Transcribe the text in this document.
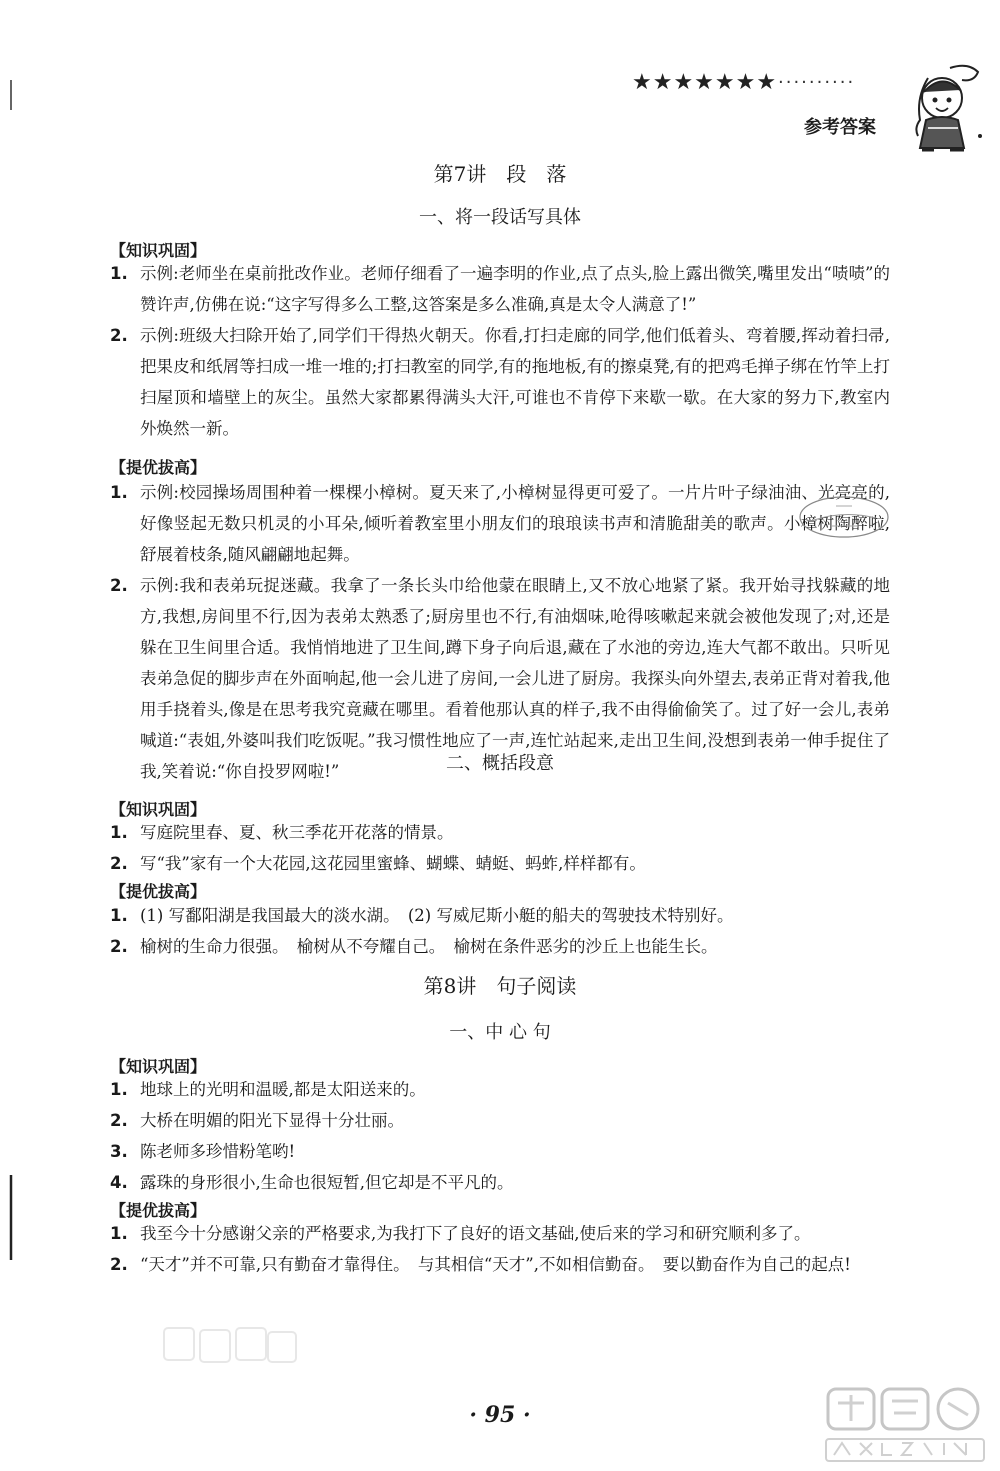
★★★★★★★ ··········
参考答案
第7讲　段　落
一、将一段话写具体
【知识巩固】
1. 示例:老师坐在桌前批改作业。老师仔细看了一遍李明的作业,点了点头,脸上露出微笑,嘴里发出“啧啧”的赞许声,仿佛在说:“这字写得多么工整,这答案是多么准确,真是太令人满意了!”
2. 示例:班级大扫除开始了,同学们干得热火朝天。你看,打扫走廊的同学,他们低着头、弯着腰,挥动着扫帚,把果皮和纸屑等扫成一堆一堆的;打扫教室的同学,有的拖地板,有的擦桌凳,有的把鸡毛掸子绑在竹竿上打扫屋顶和墙壁上的灰尘。虽然大家都累得满头大汗,可谁也不肯停下来歇一歇。在大家的努力下,教室内外焕然一新。
【提优拔高】
1. 示例:校园操场周围种着一棵棵小樟树。夏天来了,小樟树显得更可爱了。一片片叶子绿油油、光亮亮的,好像竖起无数只机灵的小耳朵,倾听着教室里小朋友们的琅琅读书声和清脆甜美的歌声。小樟树陶醉啦,舒展着枝条,随风翩翩地起舞。
2. 示例:我和表弟玩捉迷藏。我拿了一条长头巾给他蒙在眼睛上,又不放心地紧了紧。我开始寻找躲藏的地方,我想,房间里不行,因为表弟太熟悉了;厨房里也不行,有油烟味,呛得咳嗽起来就会被他发现了;对,还是躲在卫生间里合适。我悄悄地进了卫生间,蹲下身子向后退,藏在了水池的旁边,连大气都不敢出。只听见表弟急促的脚步声在外面响起,他一会儿进了房间,一会儿进了厨房。我探头向外望去,表弟正背对着我,他用手挠着头,像是在思考我究竟藏在哪里。看着他那认真的样子,我不由得偷偷笑了。过了好一会儿,表弟喊道:“表姐,外婆叫我们吃饭呢。”我习惯性地应了一声,连忙站起来,走出卫生间,没想到表弟一伸手捉住了我,笑着说:“你自投罗网啦!”	二、概括段意
【知识巩固】
1. 写庭院里春、夏、秋三季花开花落的情景。
2. 写“我”家有一个大花园,这花园里蜜蜂、蝴蝶、蜻蜓、蚂蚱,样样都有。
【提优拔高】
1. (1) 写鄱阳湖是我国最大的淡水湖。　(2) 写威尼斯小艇的船夫的驾驶技术特别好。
2. 榆树的生命力很强。　榆树从不夸耀自己。　榆树在条件恶劣的沙丘上也能生长。
第8讲　句子阅读
一、中 心 句
【知识巩固】
1. 地球上的光明和温暖,都是太阳送来的。
2. 大桥在明媚的阳光下显得十分壮丽。
3. 陈老师多珍惜粉笔哟!
4. 露珠的身形很小,生命也很短暂,但它却是不平凡的。
【提优拔高】
1. 我至今十分感谢父亲的严格要求,为我打下了良好的语文基础,使后来的学习和研究顺利多了。
2. “天才”并不可靠,只有勤奋才靠得住。　与其相信“天才”,不如相信勤奋。　要以勤奋作为自己的起点!
· 95 ·
